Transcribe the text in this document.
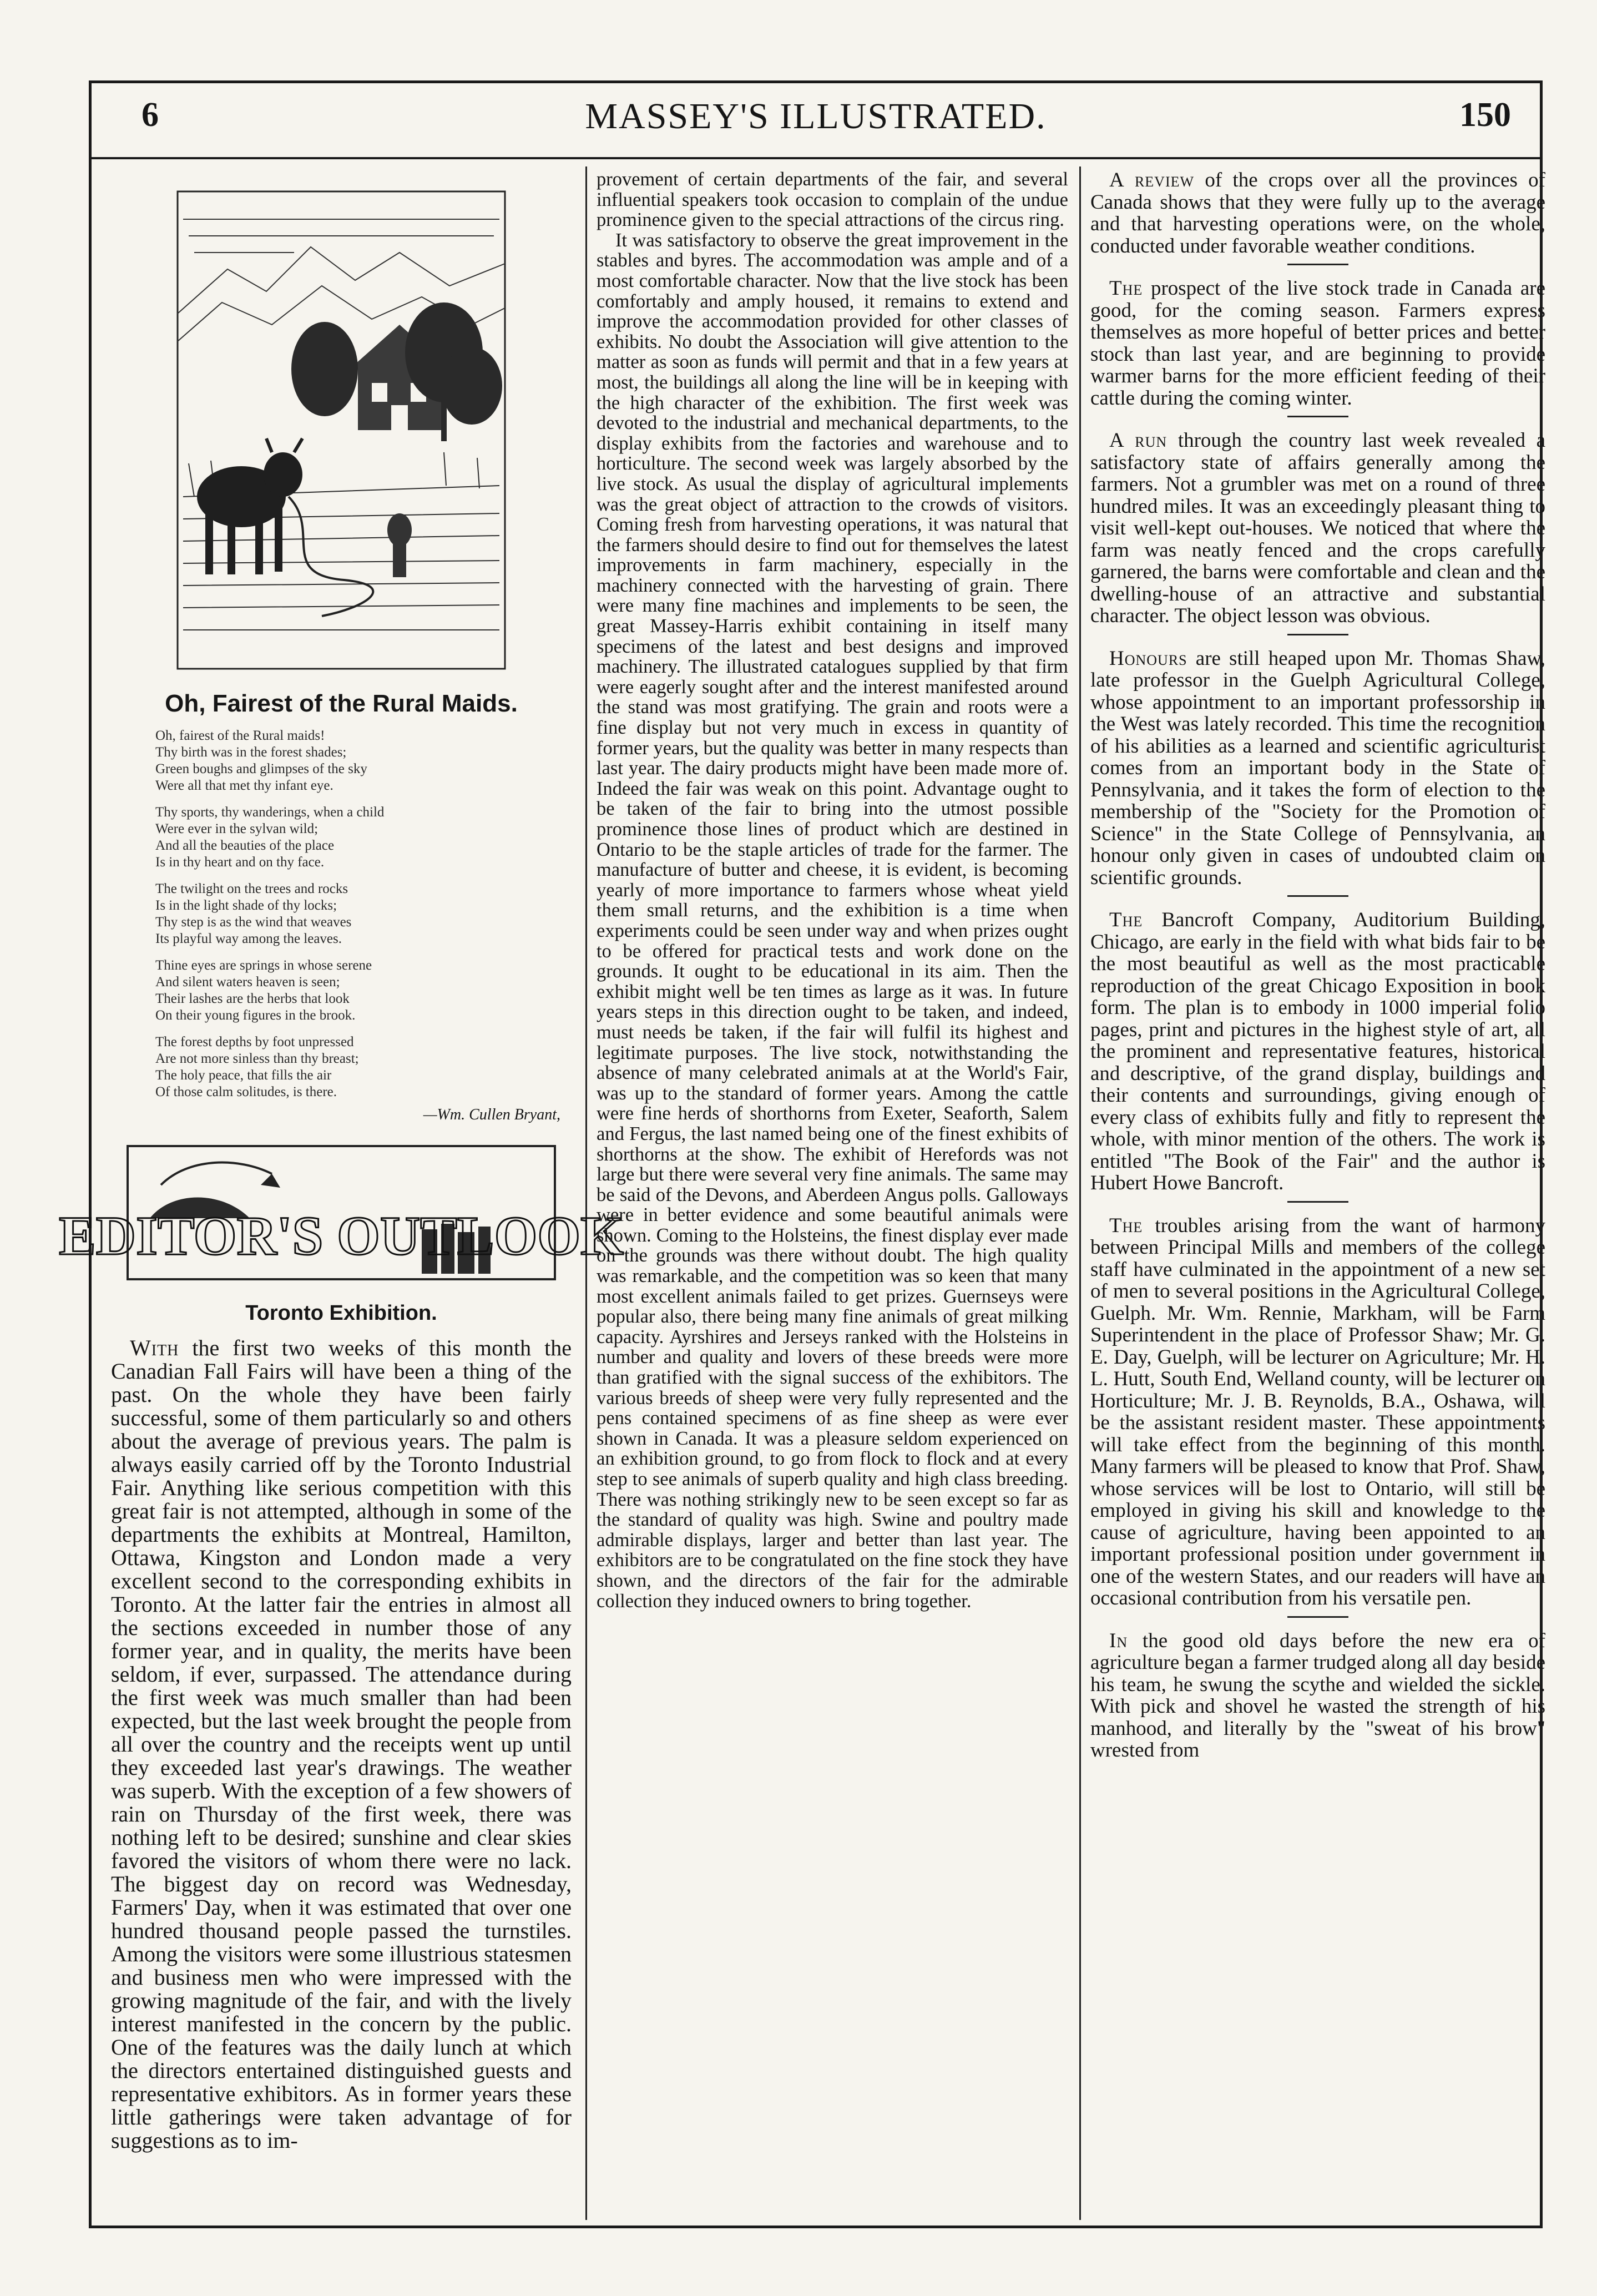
6	MASSEY'S ILLUSTRATED.	150
Oh, Fairest of the Rural Maids.
Oh, fairest of the Rural maids!
Thy birth was in the forest shades;
Green boughs and glimpses of the sky
Were all that met thy infant eye.
Thy sports, thy wanderings, when a child
Were ever in the sylvan wild;
And all the beauties of the place
Is in thy heart and on thy face.
The twilight on the trees and rocks
Is in the light shade of thy locks;
Thy step is as the wind that weaves
Its playful way among the leaves.
Thine eyes are springs in whose serene
And silent waters heaven is seen;
Their lashes are the herbs that look
On their young figures in the brook.
The forest depths by foot unpressed
Are not more sinless than thy breast;
The holy peace, that fills the air
Of those calm solitudes, is there.
—Wm. Cullen Bryant,
EDITOR'S OUTLOOK
Toronto Exhibition.

With the first two weeks of this month the Canadian Fall Fairs will have been a thing of the past. On the whole they have been fairly successful, some of them particularly so and others about the average of previous years. The palm is always easily carried off by the Toronto Industrial Fair. Anything like serious competition with this great fair is not attempted, although in some of the departments the exhibits at Montreal, Hamilton, Ottawa, Kingston and London made a very excellent second to the corresponding exhibits in Toronto. At the latter fair the entries in almost all the sections exceeded in number those of any former year, and in quality, the merits have been seldom, if ever, surpassed. The attendance during the first week was much smaller than had been expected, but the last week brought the people from all over the country and the receipts went up until they exceeded last year's drawings. The weather was superb. With the exception of a few showers of rain on Thursday of the first week, there was nothing left to be desired; sunshine and clear skies favored the visitors of whom there were no lack. The biggest day on record was Wednesday, Farmers' Day, when it was estimated that over one hundred thousand people passed the turnstiles. Among the visitors were some illustrious statesmen and business men who were impressed with the growing magnitude of the fair, and with the lively interest manifested in the concern by the public. One of the features was the daily lunch at which the directors entertained distinguished guests and representative exhibitors. As in former years these little gatherings were taken advantage of for suggestions as to im-

provement of certain departments of the fair, and several influential speakers took occasion to complain of the undue prominence given to the special attractions of the circus ring.

It was satisfactory to observe the great improvement in the stables and byres. The accommodation was ample and of a most comfortable character. Now that the live stock has been comfortably and amply housed, it remains to extend and improve the accommodation provided for other classes of exhibits. No doubt the Association will give attention to the matter as soon as funds will permit and that in a few years at most, the buildings all along the line will be in keeping with the high character of the exhibition. The first week was devoted to the industrial and mechanical departments, to the display exhibits from the factories and warehouse and to horticulture. The second week was largely absorbed by the live stock. As usual the display of agricultural implements was the great object of attraction to the crowds of visitors. Coming fresh from harvesting operations, it was natural that the farmers should desire to find out for themselves the latest improvements in farm machinery, especially in the machinery connected with the harvesting of grain. There were many fine machines and implements to be seen, the great Massey-Harris exhibit containing in itself many specimens of the latest and best designs and improved machinery. The illustrated catalogues supplied by that firm were eagerly sought after and the interest manifested around the stand was most gratifying. The grain and roots were a fine display but not very much in excess in quantity of former years, but the quality was better in many respects than last year. The dairy products might have been made more of. Indeed the fair was weak on this point. Advantage ought to be taken of the fair to bring into the utmost possible prominence those lines of product which are destined in Ontario to be the staple articles of trade for the farmer. The manufacture of butter and cheese, it is evident, is becoming yearly of more importance to farmers whose wheat yield them small returns, and the exhibition is a time when experiments could be seen under way and when prizes ought to be offered for practical tests and work done on the grounds. It ought to be educational in its aim. Then the exhibit might well be ten times as large as it was. In future years steps in this direction ought to be taken, and indeed, must needs be taken, if the fair will fulfil its highest and legitimate purposes. The live stock, notwithstanding the absence of many celebrated animals at at the World's Fair, was up to the standard of former years. Among the cattle were fine herds of shorthorns from Exeter, Seaforth, Salem and Fergus, the last named being one of the finest exhibits of shorthorns at the show. The exhibit of Herefords was not large but there were several very fine animals. The same may be said of the Devons, and Aberdeen Angus polls. Galloways were in better evidence and some beautiful animals were shown. Coming to the Holsteins, the finest display ever made on the grounds was there without doubt. The high quality was remarkable, and the competition was so keen that many most excellent animals failed to get prizes. Guernseys were popular also, there being many fine animals of great milking capacity. Ayrshires and Jerseys ranked with the Holsteins in number and quality and lovers of these breeds were more than gratified with the signal success of the exhibitors. The various breeds of sheep were very fully represented and the pens contained specimens of as fine sheep as were ever shown in Canada. It was a pleasure seldom experienced on an exhibition ground, to go from flock to flock and at every step to see animals of superb quality and high class breeding. There was nothing strikingly new to be seen except so far as the standard of quality was high. Swine and poultry made admirable displays, larger and better than last year. The exhibitors are to be congratulated on the fine stock they have shown, and the directors of the fair for the admirable collection they induced owners to bring together.

A review of the crops over all the provinces of Canada shows that they were fully up to the average and that harvesting operations were, on the whole, conducted under favorable weather conditions.

The prospect of the live stock trade in Canada are good, for the coming season. Farmers express themselves as more hopeful of better prices and better stock than last year, and are beginning to provide warmer barns for the more efficient feeding of their cattle during the coming winter.

A run through the country last week revealed a satisfactory state of affairs generally among the farmers. Not a grumbler was met on a round of three hundred miles. It was an exceedingly pleasant thing to visit well-kept out-houses. We noticed that where the farm was neatly fenced and the crops carefully garnered, the barns were comfortable and clean and the dwelling-house of an attractive and substantial character. The object lesson was obvious.

Honours are still heaped upon Mr. Thomas Shaw, late professor in the Guelph Agricultural College, whose appointment to an important professorship in the West was lately recorded. This time the recognition of his abilities as a learned and scientific agriculturist comes from an important body in the State of Pennsylvania, and it takes the form of election to the membership of the "Society for the Promotion of Science" in the State College of Pennsylvania, an honour only given in cases of undoubted claim on scientific grounds.

The Bancroft Company, Auditorium Building, Chicago, are early in the field with what bids fair to be the most beautiful as well as the most practicable reproduction of the great Chicago Exposition in book form. The plan is to embody in 1000 imperial folio pages, print and pictures in the highest style of art, all the prominent and representative features, historical and descriptive, of the grand display, buildings and their contents and surroundings, giving enough of every class of exhibits fully and fitly to represent the whole, with minor mention of the others. The work is entitled "The Book of the Fair" and the author is Hubert Howe Bancroft.

The troubles arising from the want of harmony between Principal Mills and members of the college staff have culminated in the appointment of a new set of men to several positions in the Agricultural College, Guelph. Mr. Wm. Rennie, Markham, will be Farm Superintendent in the place of Professor Shaw; Mr. G. E. Day, Guelph, will be lecturer on Agriculture; Mr. H. L. Hutt, South End, Welland county, will be lecturer on Horticulture; Mr. J. B. Reynolds, B.A., Oshawa, will be the assistant resident master. These appointments will take effect from the beginning of this month. Many farmers will be pleased to know that Prof. Shaw, whose services will be lost to Ontario, will still be employed in giving his skill and knowledge to the cause of agriculture, having been appointed to an important professional position under government in one of the western States, and our readers will have an occasional contribution from his versatile pen.

In the good old days before the new era of agriculture began a farmer trudged along all day beside his team, he swung the scythe and wielded the sickle. With pick and shovel he wasted the strength of his manhood, and literally by the "sweat of his brow" wrested from
